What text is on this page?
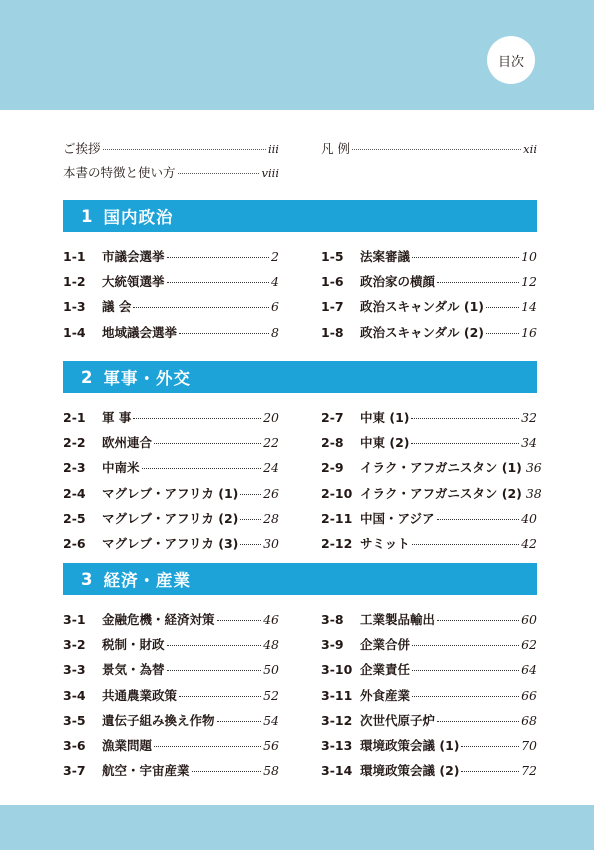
目次
ご挨拶	iii
本書の特徴と使い方	viii
凡 例	xii
1 国内政治
1-1	市議会選挙	2
1-2	大統領選挙	4
1-3	議 会	6
1-4	地域議会選挙	8
1-5	法案審議	10
1-6	政治家の横顔	12
1-7	政治スキャンダル (1)	14
1-8	政治スキャンダル (2)	16
2 軍事・外交
2-1	軍 事	20
2-2	欧州連合	22
2-3	中南米	24
2-4	マグレブ・アフリカ (1) 26
2-5	マグレブ・アフリカ (2) 28
2-6	マグレブ・アフリカ (3) 30
2-7	中東 (1)	32
2-8	中東 (2)	34
2-9	イラク・アフガニスタン (1) 36
2-10 イラク・アフガニスタン (2) 38
2-11 中国・アジア	40
2-12 サミット	42
3 経済・産業
3-1	金融危機・経済対策	46
3-2	税制・財政	48
3-3	景気・為替	50
3-4	共通農業政策	52
3-5	遺伝子組み換え作物	54
3-6	漁業問題	56
3-7	航空・宇宙産業	58
3-8	工業製品輸出	60
3-9	企業合併	62
3-10 企業責任	64
3-11 外食産業	66
3-12 次世代原子炉	68
3-13 環境政策会議 (1)	70
3-14 環境政策会議 (2)	72
